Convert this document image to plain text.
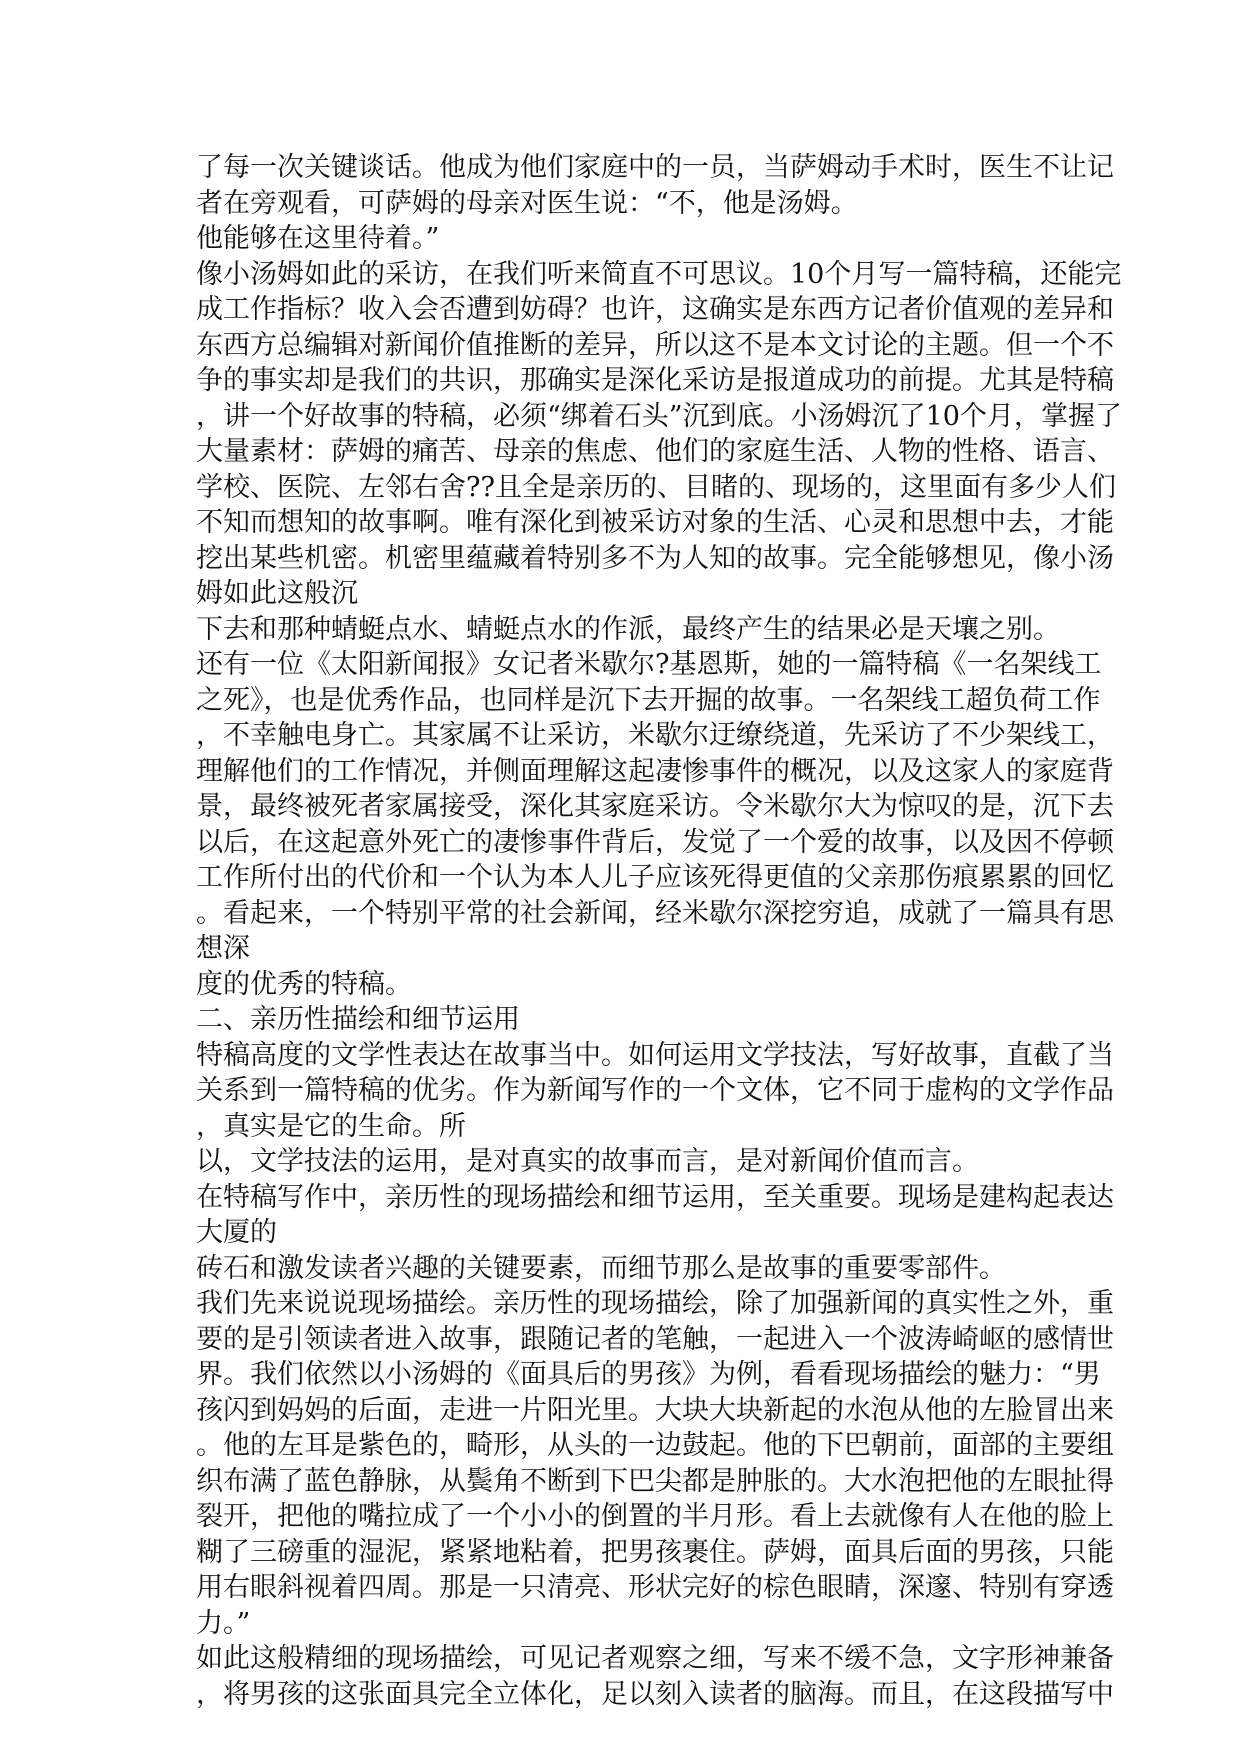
了每一次关键谈话。他成为他们家庭中的一员，当萨姆动手术时，医生不让记
者在旁观看，可萨姆的母亲对医生说：“不，他是汤姆。
他能够在这里待着。”
像小汤姆如此的采访，在我们听来简直不可思议。10个月写一篇特稿，还能完
成工作指标？收入会否遭到妨碍？也许，这确实是东西方记者价值观的差异和
东西方总编辑对新闻价值推断的差异，所以这不是本文讨论的主题。但一个不
争的事实却是我们的共识，那确实是深化采访是报道成功的前提。尤其是特稿
，讲一个好故事的特稿，必须“绑着石头”沉到底。小汤姆沉了10个月，掌握了
大量素材：萨姆的痛苦、母亲的焦虑、他们的家庭生活、人物的性格、语言、
学校、医院、左邻右舍??且全是亲历的、目睹的、现场的，这里面有多少人们
不知而想知的故事啊。唯有深化到被采访对象的生活、心灵和思想中去，才能
挖出某些机密。机密里蕴藏着特别多不为人知的故事。完全能够想见，像小汤
姆如此这般沉
下去和那种蜻蜓点水、蜻蜓点水的作派，最终产生的结果必是天壤之别。
还有一位《太阳新闻报》女记者米歇尔?基恩斯，她的一篇特稿《一名架线工
之死》，也是优秀作品，也同样是沉下去开掘的故事。一名架线工超负荷工作
，不幸触电身亡。其家属不让采访，米歇尔迂缭绕道，先采访了不少架线工，
理解他们的工作情况，并侧面理解这起凄惨事件的概况，以及这家人的家庭背
景，最终被死者家属接受，深化其家庭采访。令米歇尔大为惊叹的是，沉下去
以后，在这起意外死亡的凄惨事件背后，发觉了一个爱的故事，以及因不停顿
工作所付出的代价和一个认为本人儿子应该死得更值的父亲那伤痕累累的回忆
。看起来，一个特别平常的社会新闻，经米歇尔深挖穷追，成就了一篇具有思
想深
度的优秀的特稿。
二、亲历性描绘和细节运用
特稿高度的文学性表达在故事当中。如何运用文学技法，写好故事，直截了当
关系到一篇特稿的优劣。作为新闻写作的一个文体，它不同于虚构的文学作品
，真实是它的生命。所
以，文学技法的运用，是对真实的故事而言，是对新闻价值而言。
在特稿写作中，亲历性的现场描绘和细节运用，至关重要。现场是建构起表达
大厦的
砖石和激发读者兴趣的关键要素，而细节那么是故事的重要零部件。
我们先来说说现场描绘。亲历性的现场描绘，除了加强新闻的真实性之外，重
要的是引领读者进入故事，跟随记者的笔触，一起进入一个波涛崎岖的感情世
界。我们依然以小汤姆的《面具后的男孩》为例，看看现场描绘的魅力：“男
孩闪到妈妈的后面，走进一片阳光里。大块大块新起的水泡从他的左脸冒出来
。他的左耳是紫色的，畸形，从头的一边鼓起。他的下巴朝前，面部的主要组
织布满了蓝色静脉，从鬓角不断到下巴尖都是肿胀的。大水泡把他的左眼扯得
裂开，把他的嘴拉成了一个小小的倒置的半月形。看上去就像有人在他的脸上
糊了三磅重的湿泥，紧紧地粘着，把男孩裹住。萨姆，面具后面的男孩，只能
用右眼斜视着四周。那是一只清亮、形状完好的棕色眼睛，深邃、特别有穿透
力。”
如此这般精细的现场描绘，可见记者观察之细，写来不缓不急，文字形神兼备
，将男孩的这张面具完全立体化，足以刻入读者的脑海。而且，在这段描写中
